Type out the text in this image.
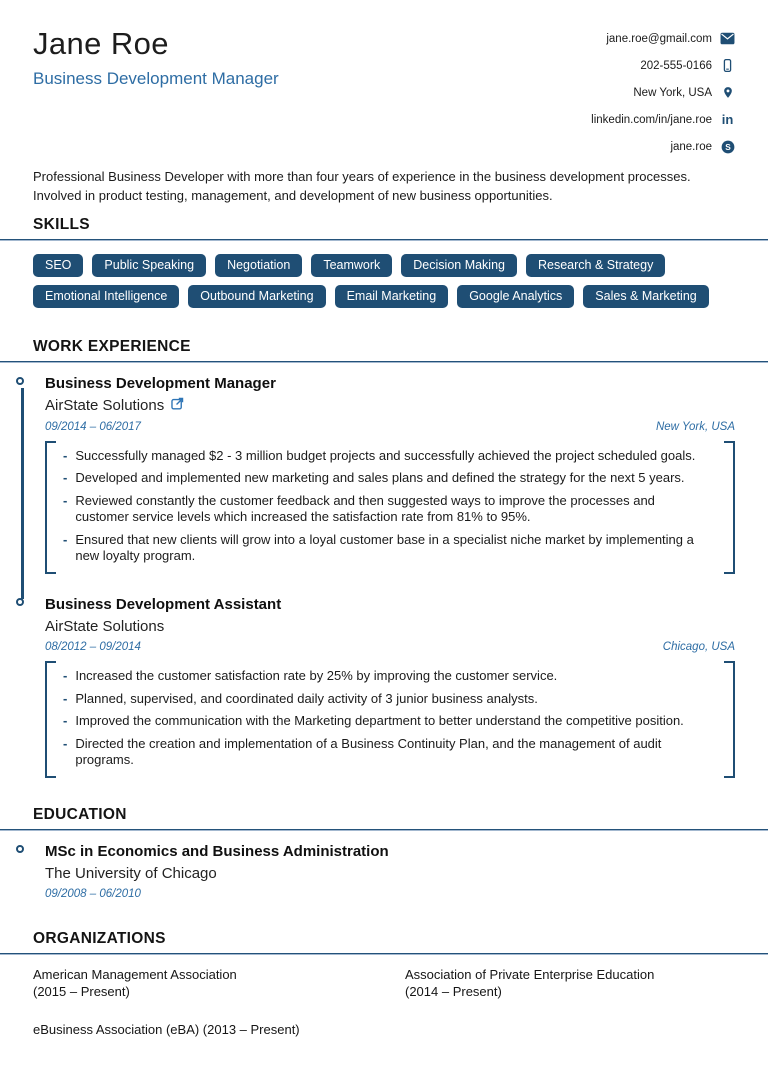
Jane Roe
Business Development Manager
jane.roe@gmail.com
202-555-0166
New York, USA
linkedin.com/in/jane.roe in
jane.roe S

Professional Business Developer with more than four years of experience in the business development processes. Involved in product testing, management, and development of new business opportunities.

SKILLS
SEO	Public Speaking	Negotiation	Teamwork	Decision Making	Research & Strategy
Emotional Intelligence	Outbound Marketing	Email Marketing	Google Analytics	Sales & Marketing
WORK EXPERIENCE
Business Development Manager
AirState Solutions
09/2014 – 06/2017	New York, USA
- Successfully managed $2 - 3 million budget projects and successfully achieved the project scheduled goals.
- Developed and implemented new marketing and sales plans and defined the strategy for the next 5 years.
- Reviewed constantly the customer feedback and then suggested ways to improve the processes and customer service levels which increased the satisfaction rate from 81% to 95%.
- Ensured that new clients will grow into a loyal customer base in a specialist niche market by implementing a new loyalty program.
Business Development Assistant
AirState Solutions
08/2012 – 09/2014	Chicago, USA
- Increased the customer satisfaction rate by 25% by improving the customer service.
- Planned, supervised, and coordinated daily activity of 3 junior business analysts.
- Improved the communication with the Marketing department to better understand the competitive position.
- Directed the creation and implementation of a Business Continuity Plan, and the management of audit programs.
EDUCATION
MSc in Economics and Business Administration
The University of Chicago
09/2008 – 06/2010
ORGANIZATIONS
American Management Association
(2015 – Present)
Association of Private Enterprise Education
(2014 – Present)
eBusiness Association (eBA) (2013 – Present)
